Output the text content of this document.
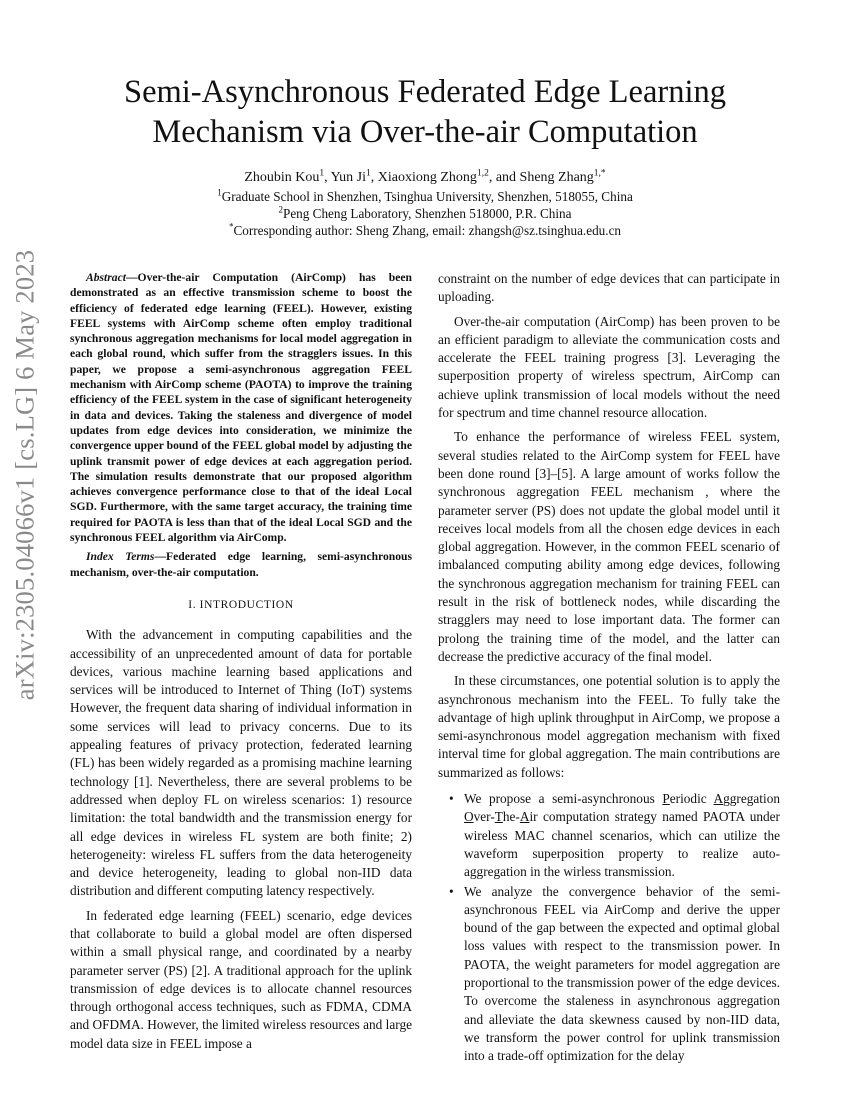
arXiv:2305.04066v1 [cs.LG] 6 May 2023
Semi-Asynchronous Federated Edge Learning
Mechanism via Over-the-air Computation
Zhoubin Kou$^1$, Yun Ji$^1$, Xiaoxiong Zhong$^{1,2}$, and Sheng Zhang$^{1,*}$
$^1$Graduate School in Shenzhen, Tsinghua University, Shenzhen, 518055, China
$^2$Peng Cheng Laboratory, Shenzhen 518000, P.R. China
*Corresponding author: Sheng Zhang, email: zhangsh@sz.tsinghua.edu.cn

Abstract—Over-the-air Computation (AirComp) has been demonstrated as an effective transmission scheme to boost the efficiency of federated edge learning (FEEL). However, existing FEEL systems with AirComp scheme often employ traditional synchronous aggregation mechanisms for local model aggregation in each global round, which suffer from the stragglers issues. In this paper, we propose a semi-asynchronous aggregation FEEL mechanism with AirComp scheme (PAOTA) to improve the training efficiency of the FEEL system in the case of significant heterogeneity in data and devices. Taking the staleness and divergence of model updates from edge devices into consideration, we minimize the convergence upper bound of the FEEL global model by adjusting the uplink transmit power of edge devices at each aggregation period. The simulation results demonstrate that our proposed algorithm achieves convergence performance close to that of the ideal Local SGD. Furthermore, with the same target accuracy, the training time required for PAOTA is less than that of the ideal Local SGD and the synchronous FEEL algorithm via AirComp.

Index Terms—Federated edge learning, semi-asynchronous mechanism, over-the-air computation.

I. INTRODUCTION

With the advancement in computing capabilities and the accessibility of an unprecedented amount of data for portable devices, various machine learning based applications and services will be introduced to Internet of Thing (IoT) systems However, the frequent data sharing of individual information in some services will lead to privacy concerns. Due to its appealing features of privacy protection, federated learning (FL) has been widely regarded as a promising machine learning technology [1]. Nevertheless, there are several problems to be addressed when deploy FL on wireless scenarios: 1) resource limitation: the total bandwidth and the transmission energy for all edge devices in wireless FL system are both finite; 2) heterogeneity: wireless FL suffers from the data heterogeneity and device heterogeneity, leading to global non-IID data distribution and different computing latency respectively.

In federated edge learning (FEEL) scenario, edge devices that collaborate to build a global model are often dispersed within a small physical range, and coordinated by a nearby parameter server (PS) [2]. A traditional approach for the uplink transmission of edge devices is to allocate channel resources through orthogonal access techniques, such as FDMA, CDMA and OFDMA. However, the limited wireless resources and large model data size in FEEL impose a

constraint on the number of edge devices that can participate in uploading.

Over-the-air computation (AirComp) has been proven to be an efficient paradigm to alleviate the communication costs and accelerate the FEEL training progress [3]. Leveraging the superposition property of wireless spectrum, AirComp can achieve uplink transmission of local models without the need for spectrum and time channel resource allocation.

To enhance the performance of wireless FEEL system, several studies related to the AirComp system for FEEL have been done round [3]–[5]. A large amount of works follow the synchronous aggregation FEEL mechanism , where the parameter server (PS) does not update the global model until it receives local models from all the chosen edge devices in each global aggregation. However, in the common FEEL scenario of imbalanced computing ability among edge devices, following the synchronous aggregation mechanism for training FEEL can result in the risk of bottleneck nodes, while discarding the stragglers may need to lose important data. The former can prolong the training time of the model, and the latter can decrease the predictive accuracy of the final model.

In these circumstances, one potential solution is to apply the asynchronous mechanism into the FEEL. To fully take the advantage of high uplink throughput in AirComp, we propose a semi-asynchronous model aggregation mechanism with fixed interval time for global aggregation. The main contributions are summarized as follows:

• We propose a semi-asynchronous Periodic Aggregation Over-The-Air computation strategy named PAOTA under wireless MAC channel scenarios, which can utilize the waveform superposition property to realize auto-aggregation in the wirless transmission.
• We analyze the convergence behavior of the semi-asynchronous FEEL via AirComp and derive the upper bound of the gap between the expected and optimal global loss values with respect to the transmission power. In PAOTA, the weight parameters for model aggregation are proportional to the transmission power of the edge devices. To overcome the staleness in asynchronous aggregation and alleviate the data skewness caused by non-IID data, we transform the power control for uplink transmission into a trade-off optimization for the delay
